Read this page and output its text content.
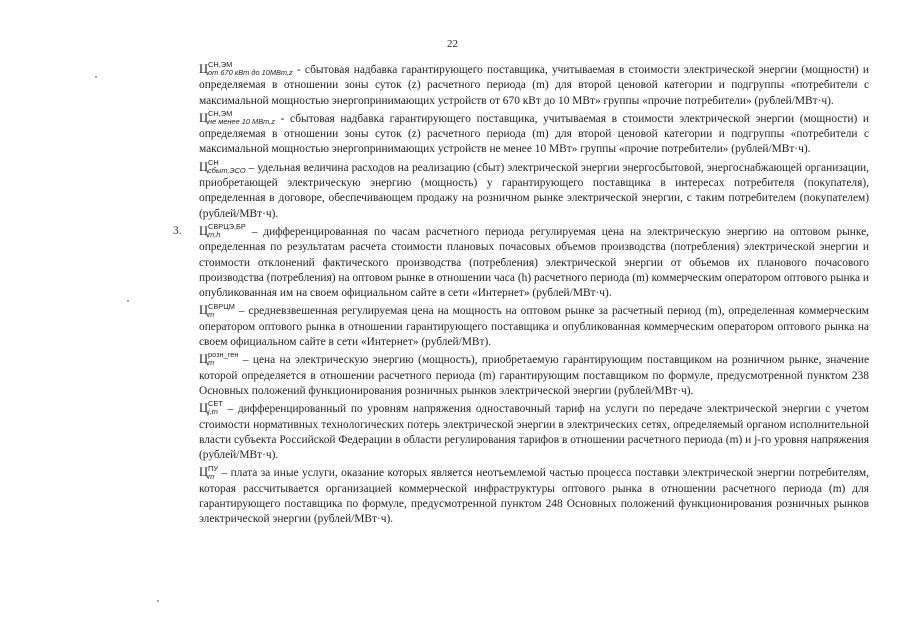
22

Ц СН,ЭМ
от 670 кВт до 10МВт,z - сбытовая надбавка гарантирующего поставщика, учитываемая в стоимости электрической энергии (мощности) и определяемая в отношении зоны суток (z) расчетного периода (m) для второй ценовой категории и подгруппы «потребители с максимальной мощностью энергопринимающих устройств от 670 кВт до 10 МВт» группы «прочие потребители» (рублей/МВт·ч).

Ц СН,ЭМ
не менее 10 МВт,z - сбытовая надбавка гарантирующего поставщика, учитываемая в стоимости электрической энергии (мощности) и определяемая в отношении зоны суток (z) расчетного периода (m) для второй ценовой категории и подгруппы «потребители с максимальной мощностью энергопринимающих устройств не менее 10 МВт» группы «прочие потребители» (рублей/МВт·ч).

Ц СН
сбыт,ЭСО – удельная величина расходов на реализацию (сбыт) электрической энергии энергосбытовой, энергоснабжающей организации, приобретающей электрическую энергию (мощность) у гарантирующего поставщика в интересах потребителя (покупателя), определенная в договоре, обеспечивающем продажу на розничном рынке электрической энергии, с таким потребителем (покупателем) (рублей/МВт·ч).

3. Ц СВРЦЭ,БР
m,h	– дифференцированная по часам расчетного периода регулируемая цена на электрическую энергию на оптовом рынке, определенная по результатам расчета стоимости плановых почасовых объемов производства (потребления) электрической энергии и стоимости отклонений фактического производства (потребления) электрической энергии от объемов их планового почасового производства (потребления) на оптовом рынке в отношении часа (h) расчетного периода (m) коммерческим оператором оптового рынка и опубликованная им на своем официальном сайте в сети «Интернет» (рублей/МВт·ч).

Ц СВРЦМ
m	– средневзвешенная регулируемая цена на мощность на оптовом рынке за расчетный период (m), определенная коммерческим оператором оптового рынка в отношении гарантирующего поставщика и опубликованная коммерческим оператором оптового рынка на своем официальном сайте в сети «Интернет» (рублей/МВт).

Ц розн_ген
m	– цена на электрическую энергию (мощность), приобретаемую гарантирующим поставщиком на розничном рынке, значение которой определяется в отношении расчетного периода (m) гарантирующим поставщиком по формуле, предусмотренной пунктом 238 Основных положений функционирования розничных рынков электрической энергии (рублей/МВт·ч).

Ц СЕТ
j,m – дифференцированный по уровням напряжения одноставочный тариф на услуги по передаче электрической энергии с учетом стоимости нормативных технологических потерь электрической энергии в электрических сетях, определяемый органом исполнительной власти субъекта Российской Федерации в области регулирования тарифов в отношении расчетного периода (m) и j-го уровня напряжения (рублей/МВт·ч).

Ц ПУ
m – плата за иные услуги, оказание которых является неотъемлемой частью процесса поставки электрической энергии потребителям, которая рассчитывается организацией коммерческой инфраструктуры оптового рынка в отношении расчетного периода (m) для гарантирующего поставщика по формуле, предусмотренной пунктом 248 Основных положений функционирования розничных рынков электрической энергии (рублей/МВт·ч).
